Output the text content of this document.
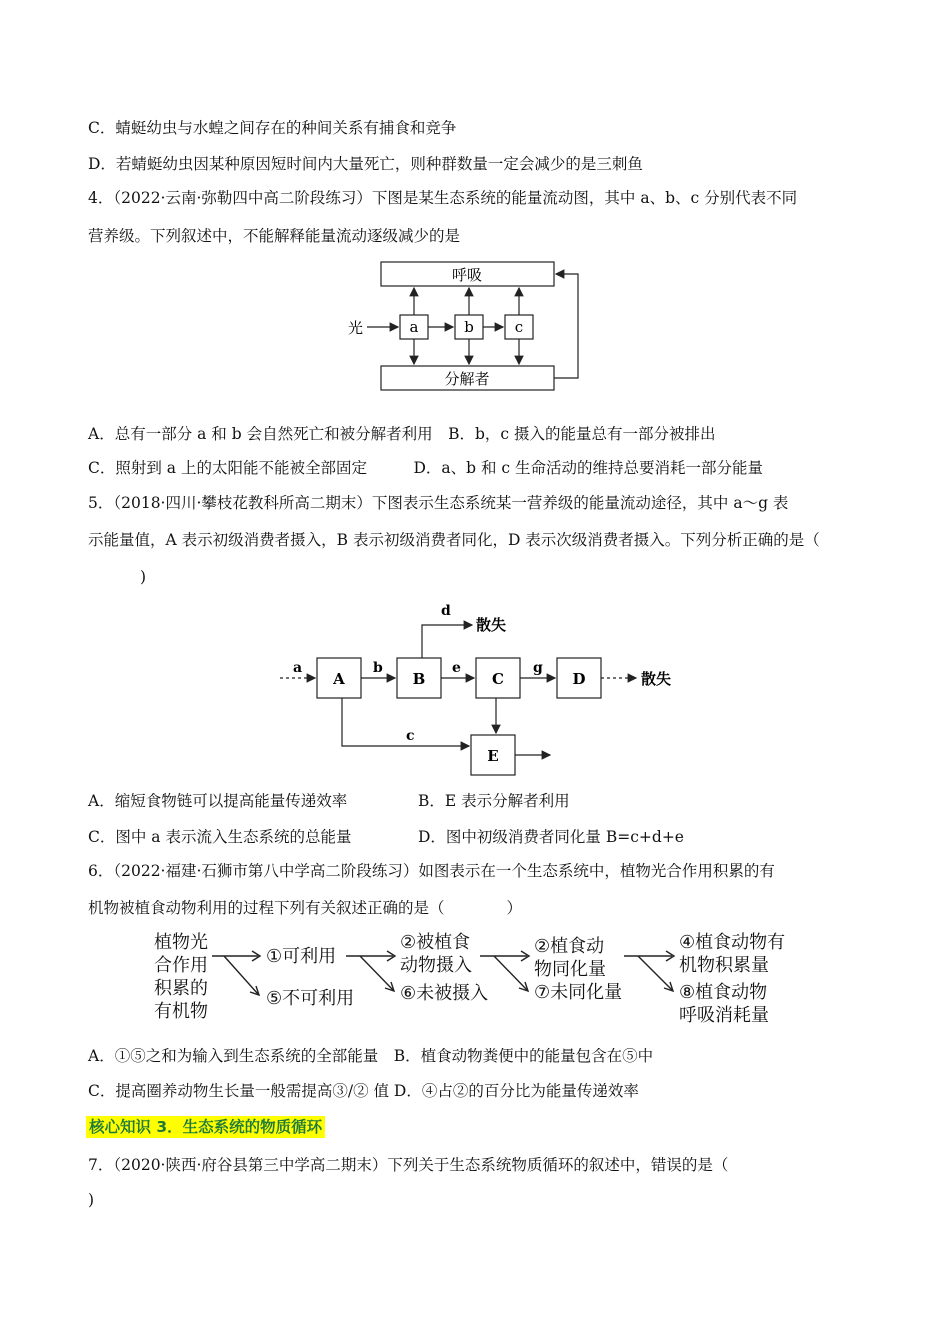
C．蜻蜓幼虫与水蝗之间存在的种间关系有捕食和竞争
D．若蜻蜓幼虫因某种原因短时间内大量死亡，则种群数量一定会减少的是三刺鱼
4．（2022·云南·弥勒四中高二阶段练习）下图是某生态系统的能量流动图，其中 a、b、c 分别代表不同
营养级。下列叙述中，不能解释能量流动逐级减少的是
呼吸
分解者
光	a	b	c
A．总有一部分 a 和 b 会自然死亡和被分解者利用　B．b，c 摄入的能量总有一部分被排出
C．照射到 a 上的太阳能不能被全部固定　　　D．a、b 和 c 生命活动的维持总要消耗一部分能量
5．（2018·四川·攀枝花教科所高二期末）下图表示生态系统某一营养级的能量流动途径，其中 a～g 表
示能量值，A 表示初级消费者摄入，B 表示初级消费者同化，D 表示次级消费者摄入。下列分析正确的是（
)
A	B	C	D
E
a	b	e	g
散失
d
散失
c
A．缩短食物链可以提高能量传递效率	B．E 表示分解者利用
C．图中 a 表示流入生态系统的总能量	D．图中初级消费者同化量 B=c+d+e
6．（2022·福建·石狮市第八中学高二阶段练习）如图表示在一个生态系统中，植物光合作用积累的有
机物被植食动物利用的过程下列有关叙述正确的是（　　　　）
植物光
合作用
积累的
有机物
①可利用
⑤不可利用
②被植食
动物摄入
⑥未被摄入
②植食动
物同化量
⑦未同化量
④植食动物有
机物积累量
⑧植食动物
呼吸消耗量
A．①⑤之和为输入到生态系统的全部能量　B．植食动物粪便中的能量包含在⑤中
C．提高圈养动物生长量一般需提高③/② 值 D．④占②的百分比为能量传递效率
核心知识 3．生态系统的物质循环
7．（2020·陕西·府谷县第三中学高二期末）下列关于生态系统物质循环的叙述中，错误的是（
)
